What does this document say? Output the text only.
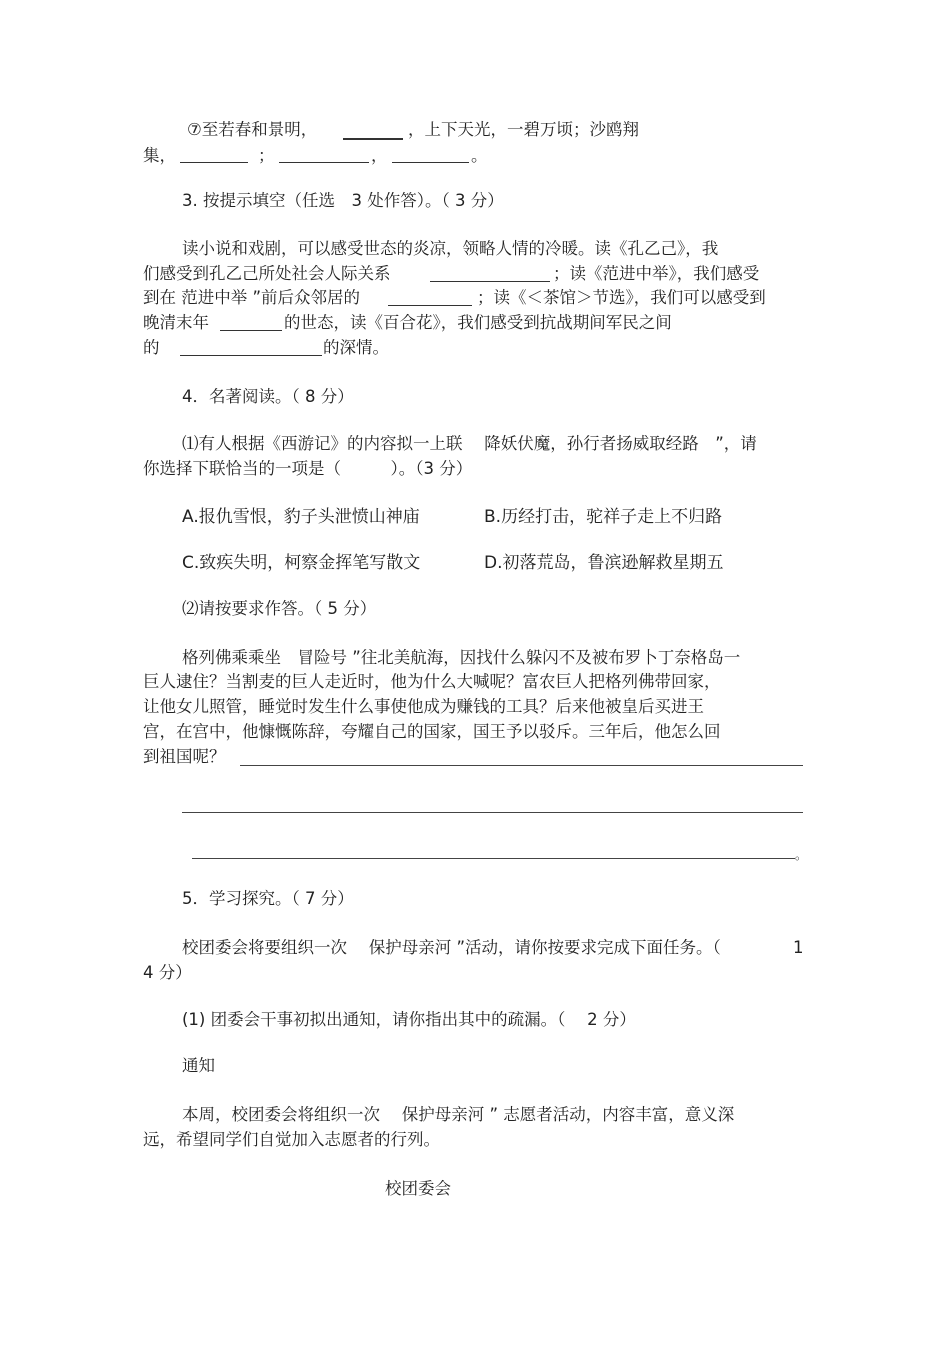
⑦至若春和景明，	，上下天光，一碧万顷；沙鸥翔
集，	；	，	。
3. 按提示填空（任选　3 处作答）。（ 3 分）
读小说和戏剧，可以感受世态的炎凉，领略人情的冷暖。读《孔乙己》，我
们感受到孔乙己所处社会人际关系	；读《范进中举》，我们感受
到在 范进中举 ”前后众邻居的	；读《＜茶馆＞节选》，我们可以感受到
晚清末年	的世态，读《百合花》，我们感受到抗战期间军民之间
的	的深情。
4．名著阅读。（ 8 分）
⑴有人根据《西游记》的内容拟一上联　 降妖伏魔，孙行者扬威取经路　”，请
你选择下联恰当的一项是（　　　）。（3 分）
A.报仇雪恨，豹子头泄愤山神庙	B.历经打击，驼祥子走上不归路
C.致疾失明，柯察金挥笔写散文	D.初落荒岛，鲁滨逊解救星期五
⑵请按要求作答。（ 5 分）
格列佛乘乘坐　冒险号 ”往北美航海，因找什么躲闪不及被布罗卜丁奈格岛一
巨人逮住？当割麦的巨人走近时，他为什么大喊呢？富农巨人把格列佛带回家，
让他女儿照管，睡觉时发生什么事使他成为赚钱的工具？后来他被皇后买进王
宫，在宫中，他慷慨陈辞，夸耀自己的国家，国王予以驳斥。三年后，他怎么回
到祖国呢？
。
5．学习探究。（ 7 分）
校团委会将要组织一次　 保护母亲河 ”活动，请你按要求完成下面任务。（	1
4 分）
(1) 团委会干事初拟出通知，请你指出其中的疏漏。（　 2 分）
通知
本周，校团委会将组织一次　 保护母亲河 ” 志愿者活动，内容丰富，意义深
远，希望同学们自觉加入志愿者的行列。
校团委会
